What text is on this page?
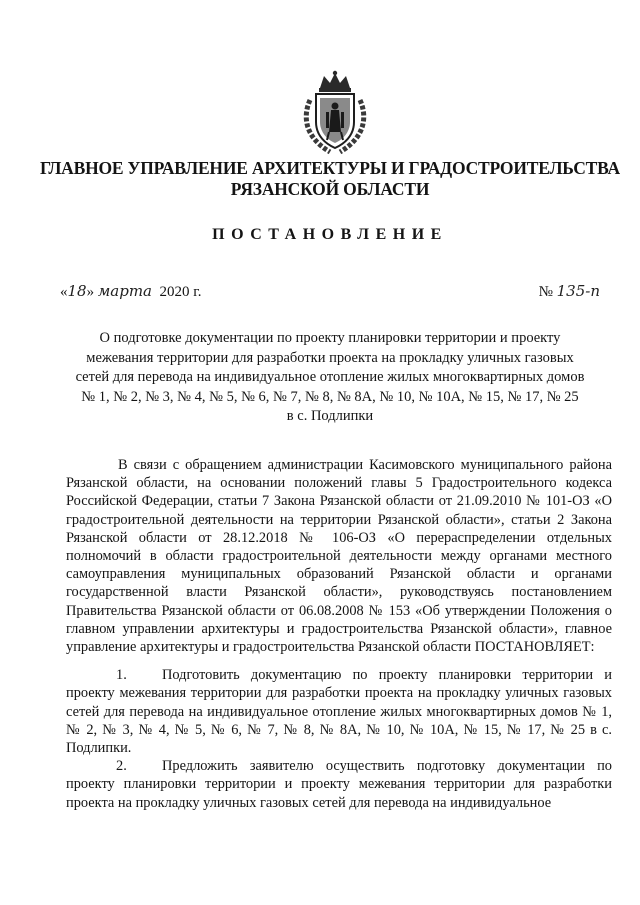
ГЛАВНОЕ УПРАВЛЕНИЕ АРХИТЕКТУРЫ И ГРАДОСТРОИТЕЛЬСТВА
РЯЗАНСКОЙ ОБЛАСТИ
ПОСТАНОВЛЕНИЕ
«18» марта 2020 г.	№ 135-п
О подготовке документации по проекту планировки территории и проекту
межевания территории для разработки проекта на прокладку уличных газовых
сетей для перевода на индивидуальное отопление жилых многоквартирных домов
№ 1, № 2, № 3, № 4, № 5, № 6, № 7, № 8, № 8А, № 10, № 10А, № 15, № 17, № 25
в с. Подлипки

В связи с обращением администрации Касимовского муниципального района Рязанской области, на основании положений главы 5 Градостроительного кодекса Российской Федерации, статьи 7 Закона Рязанской области от 21.09.2010 № 101-ОЗ «О градостроительной деятельности на территории Рязанской области», статьи 2 Закона Рязанской области от 28.12.2018 № 106-ОЗ «О перераспределении отдельных полномочий в области градостроительной деятельности между органами местного самоуправления муниципальных образований Рязанской области и органами государственной власти Рязанской области», руководствуясь постановлением Правительства Рязанской области от 06.08.2008 № 153 «Об утверждении Положения о главном управлении архитектуры и градостроительства Рязанской области», главное управление архитектуры и градостроительства Рязанской области ПОСТАНОВЛЯЕТ:

1. Подготовить документацию по проекту планировки территории и проекту межевания территории для разработки проекта на прокладку уличных газовых сетей для перевода на индивидуальное отопление жилых многоквартирных домов № 1, № 2, № 3, № 4, № 5, № 6, № 7, № 8, № 8А, № 10, № 10А, № 15, № 17, № 25 в с. Подлипки.

2. Предложить заявителю осуществить подготовку документации по проекту планировки территории и проекту межевания территории для разработки проекта на прокладку уличных газовых сетей для перевода на индивидуальное
